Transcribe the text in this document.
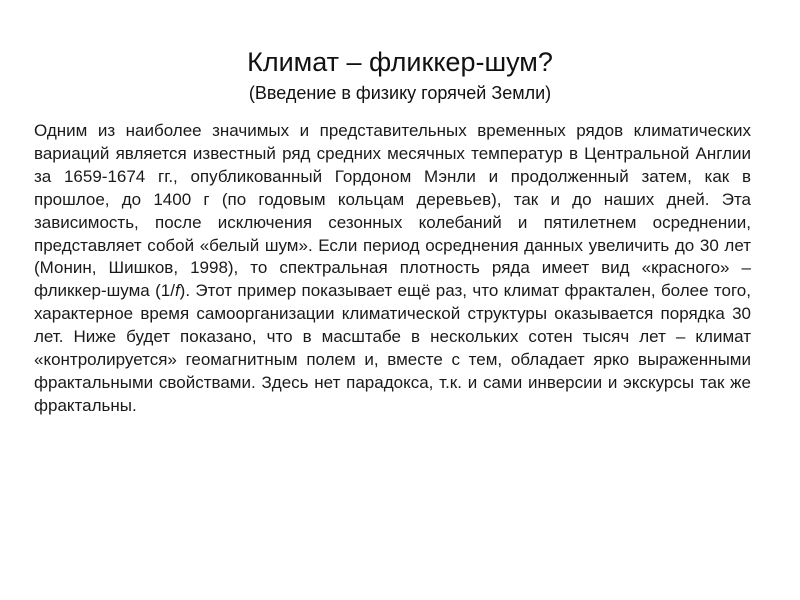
Климат – фликкер-шум?
(Введение в физику горячей Земли)

Одним из наиболее значимых и представительных временных рядов климатических вариаций является известный ряд средних месячных температур в Центральной Англии за 1659-1674 гг., опубликованный Гордоном Мэнли и продолженный затем, как в прошлое, до 1400 г (по годовым кольцам деревьев), так и до наших дней. Эта зависимость, после исключения сезонных колебаний и пятилетнем осреднении, представляет собой «белый шум». Если период осреднения данных увеличить до 30 лет (Монин, Шишков, 1998), то спектральная плотность ряда имеет вид «красного» – фликкер-шума (1/f). Этот пример показывает ещё раз, что климат фрактален, более того, характерное время самоорганизации климатической структуры оказывается порядка 30 лет. Ниже будет показано, что в масштабе в нескольких сотен тысяч лет – климат «контролируется» геомагнитным полем и, вместе с тем, обладает ярко выраженными фрактальными свойствами. Здесь нет парадокса, т.к. и сами инверсии и экскурсы так же фрактальны.
